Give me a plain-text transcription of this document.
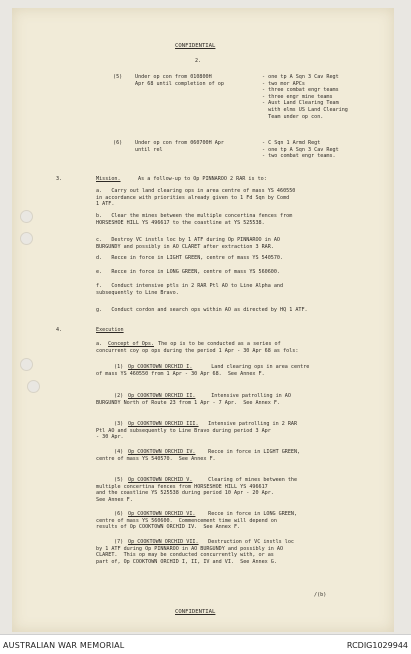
CONFIDENTIAL
2.
(5)	Under op con from 010800H
Apr 68 until completion of op
- one tp A Sqn 3 Cav Regt
- two mor APCs
- three combat engr teams
- three engr mine teams
- Aust Land Clearing Team
with elms US Land Clearing
Team under op con.
(6)	Under op con from 060700H Apr
until rel
- C Sqn 1 Armd Regt
- one tp A Sqn 3 Cav Regt
- two combat engr teams.
3.	Mission.	As a follow-up to Op PINNAROO 2 RAR is to:
a.   Carry out land clearing ops in area centre of mass YS 460550
in accordance with priorities already given to 1 Fd Sqn by Comd
1 ATF.
b.   Clear the mines between the multiple concertina fences from
HORSESHOE HILL YS 496617 to the coastline at YS 525538.
c.   Destroy VC instls loc by 1 ATF during Op PINNAROO in AO
BURGUNDY and possibly in AO CLARET after extraction 3 RAR.
d.   Recce in force in LIGHT GREEN, centre of mass YS 540570.
e.   Recce in force in LONG GREEN, centre of mass YS 560600.
f.   Conduct intensive ptls in 2 RAR Ptl AO to Line Alpha and
subsequently to Line Bravo.
g.   Conduct cordon and search ops within AO as directed by HQ 1 ATF.
4.	Execution
a. Concept of Ops. The op is to be conducted as a series of
concurrent coy op ops during the period 1 Apr - 30 Apr 68 as fols:
(1) Op COOKTOWN ORCHID I. Land clearing ops in area centre
of mass YS 460550 from 1 Apr - 30 Apr 68.  See Annex F.
(2) Op COOKTOWN ORCHID II. Intensive patrolling in AO
BURGUNDY North of Route 23 from 1 Apr - 7 Apr.  See Annex F.
(3) Op COOKTOWN ORCHID III. Intensive patrolling in 2 RAR
Ptl AO and subsequently to Line Bravo during period 3 Apr
- 30 Apr.
(4) Op COOKTOWN ORCHID IV. Recce in force in LIGHT GREEN,
centre of mass YS 540570.  See Annex F.
(5) Op COOKTOWN ORCHID V. Clearing of mines between the
multiple concertina fences from HORSESHOE HILL YS 496617
and the coastline YS 525538 during period 10 Apr - 20 Apr.
See Annex F.
(6) Op COOKTOWN ORCHID VI. Recce in force in LONG GREEN,
centre of mass YS 560600.  Commencement time will depend on
results of Op COOKTOWN ORCHID IV.  See Annex F.
(7) Op COOKTOWN ORCHID VII. Destruction of VC instls loc
by 1 ATF during Op PINNAROO in AO BURGUNDY and possibly in AO
CLARET.  This op may be conducted concurrently with, or as
part of, Op COOKTOWN ORCHID I, II, IV and VI.  See Annex G.
CONFIDENTIAL
/(b)
AUSTRALIAN WAR MEMORIAL	RCDIG1029944
